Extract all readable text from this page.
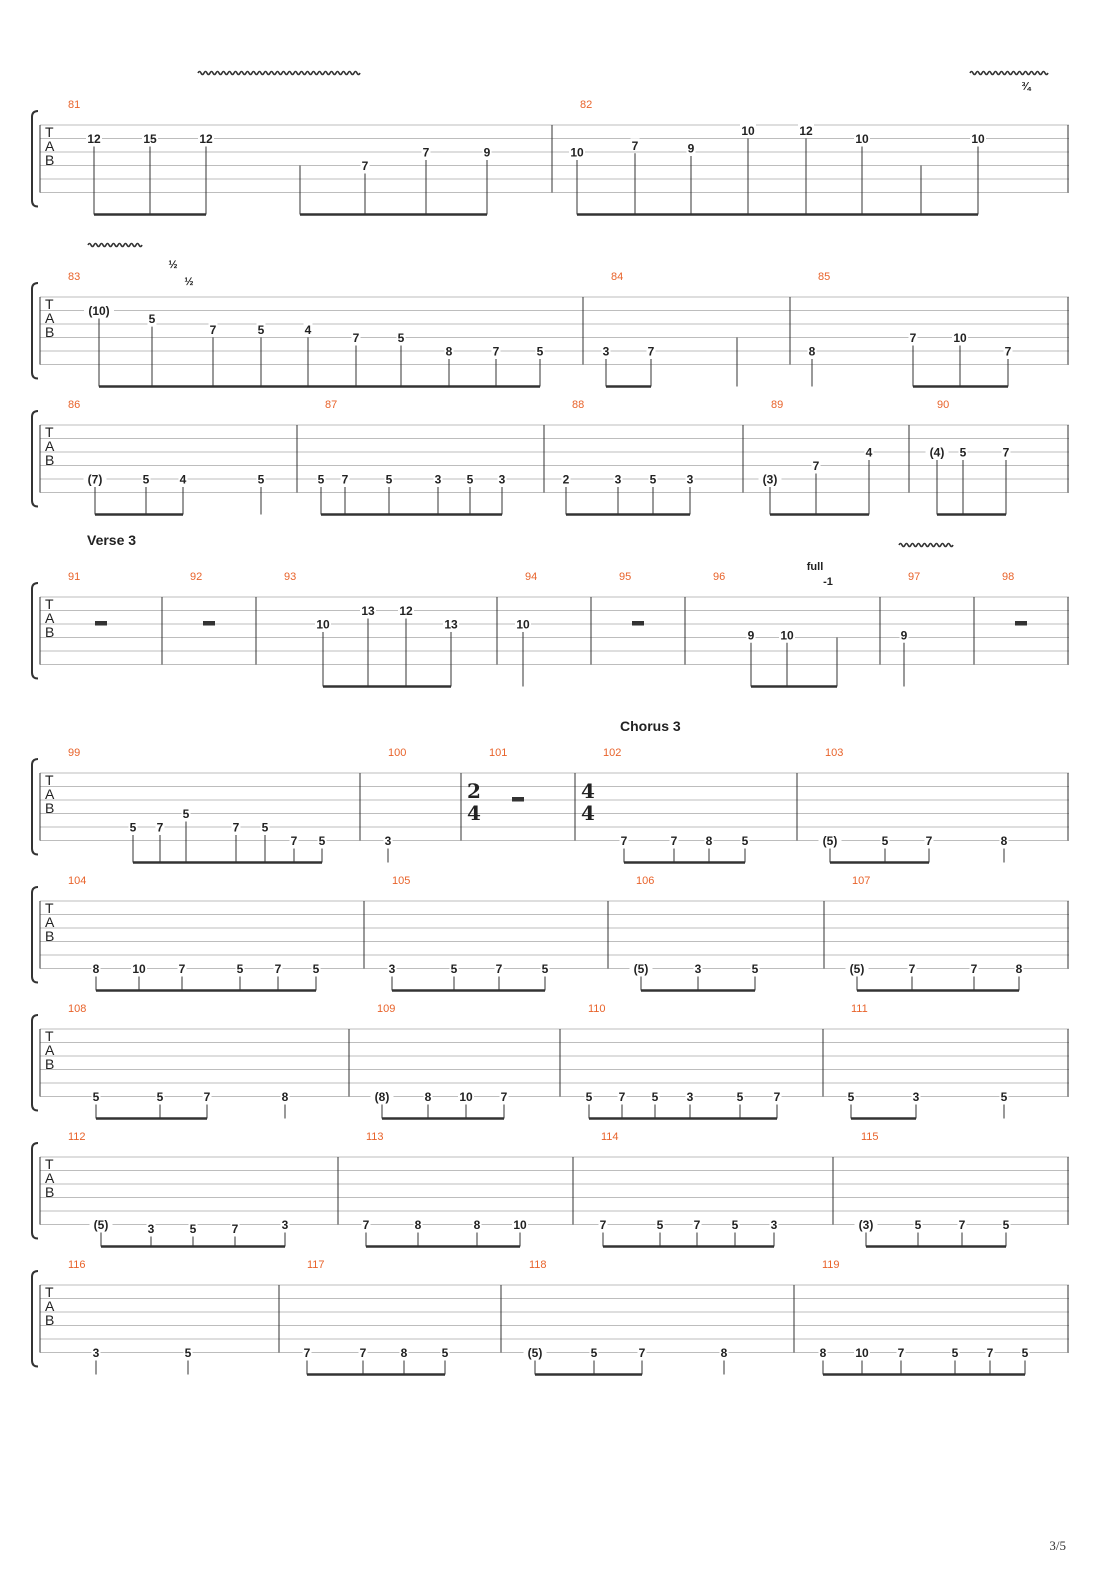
T
A
B
81
12	15	12
7
7	9
82
10	7	9
10	12
10	10
¾
T
A
B
83
(10)
5
7	5	4
7	5
8	7	5
84
3	7
85
8
7	10
7
½
½
T
A
B
86
(7)	5	4	5
87
5 7	5	3 5 3
88
2	3 5	3
89
(3)
7
4
90
(4) 5	7
T
A
B
91	92	93
10
13 12
13
94
10
95	96
9 10
97
9
98
full
-1
T
A
B
99
5 7
5
7 5
7 5
100
3
101	102
7	7 8 5
103
(5)	5	7	8
T
A
B
104
8	10	7	5	7	5
105
3	5	7	5
106
(5)	3	5
107
(5)	7	7	8
T
A
B
108
5	5	7	8
109
(8)	8 10 7
110
5 7 5 3	5	7
111
5	3	5
T
A
B
112
(5)	3	5	7	3
113
7	8	8	10
114
7	5	7	5	3
115
(3)	5	7	5
T
A
B
116
3	5
117
7	7	8	5
118
(5)	5	7	8
119
8 10 7	5 7 5
Verse 3
Chorus 3
2
4
4
4
3/5
